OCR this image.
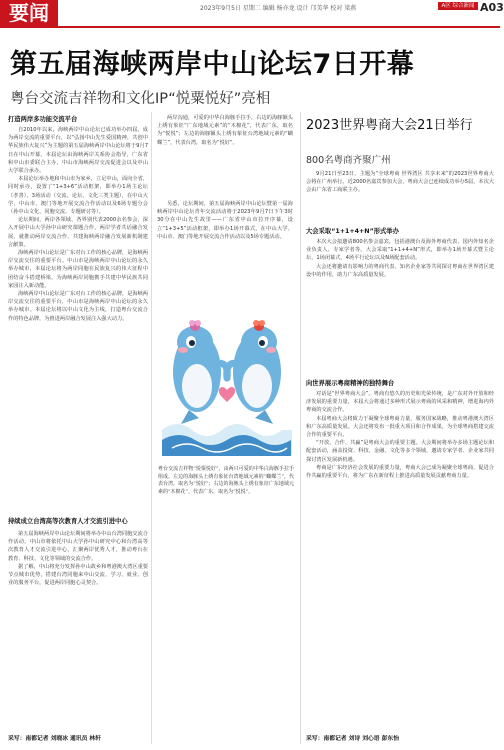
要闻	2023年9月5日 星期二 编辑 杨亦龙 设计 邝美华 校对 梁燕	A区 综合新闻 A03
第五届海峡两岸中山论坛7日开幕
粤台交流吉祥物和文化IP“悦粟悦好”亮相
打造两岸多功能交流平台

自2010年以来，海峡两岸中山论坛已成功举办四届，成为两岸交流的重要平台，以“弘扬中山先生爱国精神，共创中华民族伟大复兴”为主题的第五届海峡两岸中山论坛将于9月7日在中山开幕。本届论坛由海峡两岸关系协会指导，广东省和中山市委联合主办，中山市海峡两岸交流促进会以及中山大学联合承办。

本届论坛举办地和中山市为家乡，立足中山，面向全省，同时承办，设置了“1+3+6”活动框架，即举办1场主论坛（孝善）、3场活动（交流、论坛、文化三类主题），在中山大学、中山市、澳门等地开展交流合作活动以及6场专题分会（孙中山文化、同胞交流、专题研讨等）。

论坛期间，两岸各领域、各界别代表2000余名参会，深入开展中山大学孙中山研究课题合作，两岸学者共话融合发展，就推动两岸交流合作、共建海峡两岸融合发展新机制建言献策。

海峡两岸中山论坛是广东对台工作的核心品牌，是海峡两岸交流交往的重要平台。中山市是海峡两岸中山论坛的永久举办城市，本届论坛将为两岸同胞在民族复兴的伟大征程中团结奋斗搭建桥梁，为海峡两岸同胞携手共建中华民族共同家园注入新动能。

海峡两岸中山论坛是广东对台工作的核心品牌，是海峡两岸交流交往的重要平台，中山市是海峡两岸中山论坛的永久举办城市。本届论坛将以中山文化为主线，打造粤台交流合作的特色品牌，为推进两岸融合发展注入强大动力。

持续成立台湾高等次教育人才交流引进中心

第五届海峡两岸中山论坛期间将举办中山台湾同胞交流合作活动，中山市将依托中山大学孙中山研究中心和台湾高等次教育人才交流引进中心，汇聚两岸优秀人才，推动粤台在教育、科技、文化等领域的交流合作。

据了解，中山将充分发挥孙中山故乡和粤港澳大湾区重要节点城市优势，搭建台湾同胞来中山交流、学习、就业、创业的服务平台，促进两岸同胞心灵契合。

采写：南都记者 刘晓冰 通讯员 林轩

两岸沟通，可爱的中华白海豚手拉手，右边的海豚额头上绣有象征“广东地域元素”的“木棉花”，代表广东，取名为“悦悦”；左边的海豚额头上绣有象征台湾地域元素的“蝴蝶兰”，代表台湾，取名为“悦好”。

另悉，论坛期间，第五届海峡两岸中山论坛暨第一届海峡两岸中山论坛青年交流活动将于2023年9月7日下午3时30分在中山先生故里——广东省中山市拉开序幕，设立“1+3+5”活动框架，即举办1场开幕式，在中山大学、中山市、澳门等地开展交流合作活动以及5场专题活动。

粤台交流吉祥物“悦粟悦好”，由两只可爱的中华白海豚手拉手组成，左边的海豚头上绣有象征台湾地域元素的“蝴蝶兰”，代表台湾，取名为“悦好”；右边的海豚头上绣有象征广东地域元素的“木棉花”，代表广东，取名为“悦悦”。
2023世界粤商大会21日举行
800名粤商齐聚广州

9月21日至23日，主题为“全球粤商 世界湾区 共享未来”的2023世界粤商大会将在广州举行。近2000名嘉宾参加大会，粤商大会已连续成功举办5届，本次大会由广东省工商联主办。

大会采取“1+1+4+N”形式举办

本次大会拟邀请800名参会嘉宾，包括港澳台及海外粤商代表、国内外知名企业负责人、专家学者等。大会采取“1+1+4+N”形式，即举办1场开幕式暨主论坛、1场闭幕式，4场平行论坛以及N场配套活动。

大会还将邀请有影响力的粤商代表、知名企业家等共同探讨粤商在世界湾区建设中的作用，助力广东高质量发展。

向世界展示粤商精神的独特舞台

对话是“世界粤商大会”。粤商有悠久的历史和光荣传统，是广东对外开放和经济发展的重要力量，本届大会将通过多种形式展示粤商的风采和精神，增进海内外粤商的交流合作。

本届粤商大会将致力于凝聚全球粤商力量，服务国家战略，推动粤港澳大湾区和广东高质量发展。大会还将发布一批重大项目和合作成果，为全球粤商搭建交流合作的重要平台。

“开放、合作、共赢”是粤商大会的重要主题。大会期间将举办多场主题论坛和配套活动，涵盖投资、科技、金融、文化等多个领域，邀请专家学者、企业家共同探讨湾区发展新机遇。

粤商是广东经济社会发展的重要力量，粤商大会已成为凝聚全球粤商、促进合作共赢的重要平台，将为广东在新征程上推进高质量发展贡献粤商力量。

采写：南都记者 刘诗 刘心语 彭东怡
